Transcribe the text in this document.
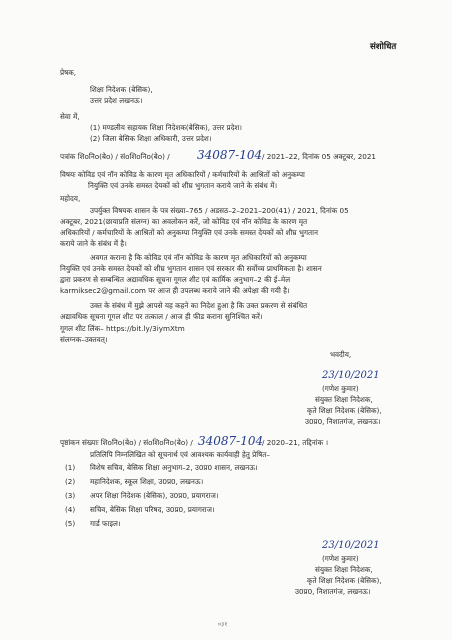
संशोधित
प्रेषक,
शिक्षा निदेशक (बेसिक),
उत्तर प्रदेश लखनऊ।
सेवा में,
(1) मण्डलीय सहायक शिक्षा निदेशक(बेसिक), उत्तर प्रदेश।
(2) जिला बेसिक शिक्षा अधिकारी, उत्तर प्रदेश।
पत्रांक शिoनिo(बेo) / संoशिoनिo(बेo) / 34087-104 / 2021–22, दिनांक 05 अक्टूबर, 2021
विषयः कोविड एवं नॉन कोविड के कारण मृत अधिकारियों / कर्मचारियों के आश्रितों को अनुकम्पा
नियुक्ति एवं उनके समस्त देयकों को शीघ्र भुगतान कराये जाने के संबंध में।
महोदय,
उपर्युक्त विषयक शासन के पत्र संख्या–765 / अडसठ–2–2021–200(41) / 2021, दिनांक 05
अक्टूबर, 2021(छायाप्रति संलग्न) का अवलोकन करें, जो कोविड एवं नॉन कोविड के कारण मृत
अधिकारियों / कर्मचारियों के आश्रितों को अनुकम्पा नियुक्ति एवं उनके समस्त देयकों को शीघ्र भुगतान
कराये जाने के संबंध में है।
अवगत कराना है कि कोविड एवं नॉन कोविड के कारण मृत अधिकारियों को अनुकम्पा
नियुक्ति एवं उनके समस्त देयकों को शीघ्र भुगतान शासन एवं सरकार की सर्वोच्च प्राथमिकता है। शासन
द्वारा प्रकरण से सम्बन्धित अद्यावधिक सूचना गूगल शीट एवं कार्मिक अनुभाग–2 की ई–मेल
karmiksec2@gmail.com पर आज ही उपलब्ध कराये जाने की अपेक्षा की गयी है।
उक्त के संबंध में मुझे आपसे यह कहने का निदेश हुआ है कि उक्त प्रकरण से संबंधित
अद्यावधिक सूचना गूगल शीट पर तत्काल / आज ही फीड कराना सुनिश्चित करें।
गूगल शीट लिंक– https://bit.ly/3iymXtm
संलग्नक–उक्तवत्।
भवदीय,
23/10/2021
(गणेश कुमार)
संयुक्त शिक्षा निदेशक,
कृते शिक्षा निदेशक (बेसिक),
उ0प्र0, निशातगंज, लखनऊ।
पृष्ठांकन संख्याः शिoनिo(बेo) / संoशिoनिo(बेo) / 34087-104
/ 2020–21, तद्दिनांक ।
प्रतिलिपि निम्नलिखित को सूचनार्थ एवं आवश्यक कार्यवाही हेतु प्रेषित–
(1) विशेष सचिव, बेसिक शिक्षा अनुभाग–2, उ0प्र0 शासन, लखनऊ।
(2) महानिदेशक, स्कूल शिक्षा, उ0प्र0, लखनऊ।
(3) अपर शिक्षा निदेशक (बेसिक), उ0प्र0, प्रयागराज।
(4) सचिव, बेसिक शिक्षा परिषद, उ0प्र0, प्रयागराज।
(5) गार्ड फाइल।
23/10/2021
(गणेश कुमार)
संयुक्त शिक्षा निदेशक,
कृते शिक्षा निदेशक (बेसिक),
उ0प्र0, निशातगंज, लखनऊ।
०३१
